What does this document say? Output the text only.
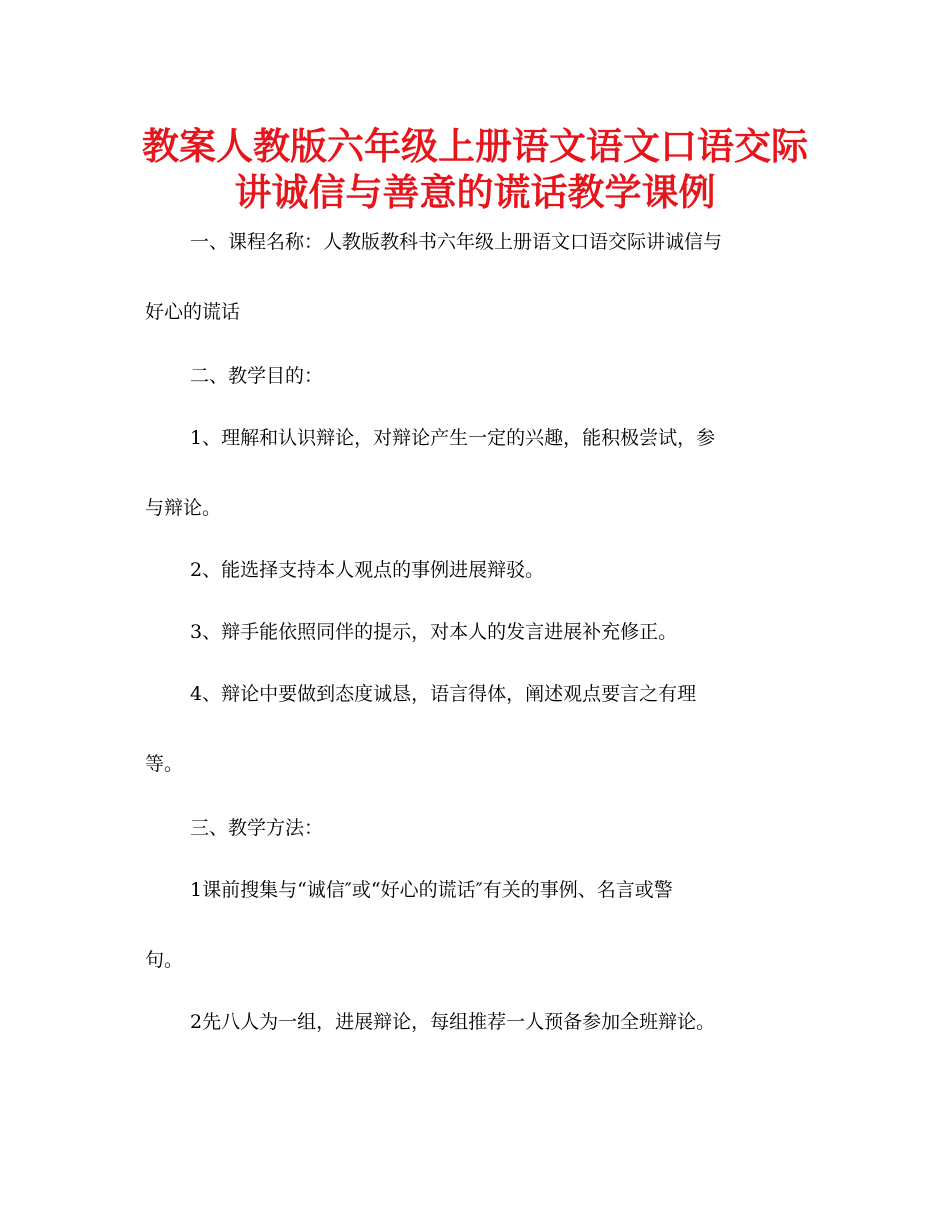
教案人教版六年级上册语文语文口语交际
讲诚信与善意的谎话教学课例
一、课程名称：人教版教科书六年级上册语文口语交际讲诚信与
好心的谎话
二、教学目的：
1、理解和认识辩论，对辩论产生一定的兴趣，能积极尝试，参
与辩论。
2、能选择支持本人观点的事例进展辩驳。
3、辩手能依照同伴的提示，对本人的发言进展补充修正。
4、辩论中要做到态度诚恳，语言得体，阐述观点要言之有理
等。
三、教学方法：
1课前搜集与“诚信″或“好心的谎话″有关的事例、名言或警
句。
2先八人为一组，进展辩论，每组推荐一人预备参加全班辩论。
